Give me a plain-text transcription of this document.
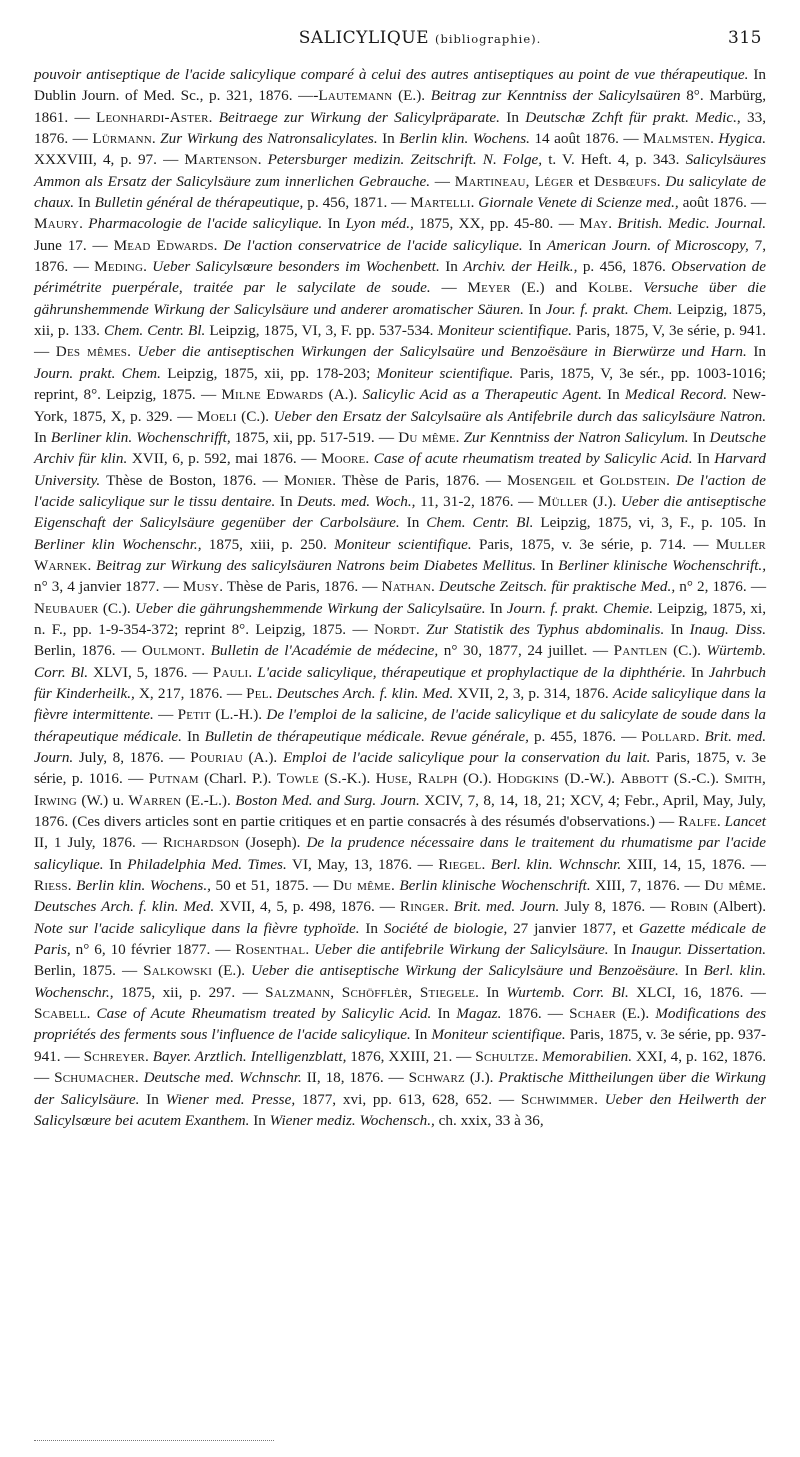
SALICYLIQUE (bibliographie).	315
pouvoir antiseptique de l'acide salicylique comparé à celui des autres antiseptiques au point de vue thérapeutique. In Dublin Journ. of Med. Sc., p. 321, 1876. —-Lautemann (E.). Beitrag zur Kenntniss der Salicylsaüren 8°. Marbürg, 1861. — Leonhardi-Aster. Beitraege zur Wirkung der Salicylpräparate. In Deutschæ Zchft für prakt. Medic., 33, 1876. — Lürmann. Zur Wirkung des Natronsalicylates. In Berlin klin. Wochens. 14 août 1876. — Malmsten. Hygica. XXXVIII, 4, p. 97. — Martenson. Petersburger medizin. Zeitschrift. N. Folge, t. V. Heft. 4, p. 343. Salicylsäures Ammon als Ersatz der Salicylsäure zum innerlichen Gebrauche. — Martineau, Léger et Desbœufs. Du salicylate de chaux. In Bulletin général de thérapeutique, p. 456, 1871. — Martelli. Giornale Venete di Scienze med., août 1876. — Maury. Pharmacologie de l'acide salicylique. In Lyon méd., 1875, XX, pp. 45-80. — May. British. Medic. Journal. June 17. — Mead Edwards. De l'action conservatrice de l'acide salicylique. In American Journ. of Microscopy, 7, 1876. — Meding. Ueber Salicylsœure besonders im Wochenbett. In Archiv. der Heilk., p. 456, 1876. Observation de périmétrite puerpérale, traitée par le salycilate de soude. — Meyer (E.) and Kolbe. Versuche über die gährunshemmende Wirkung der Salicylsäure und anderer aromatischer Säuren. In Jour. f. prakt. Chem. Leipzig, 1875, xii, p. 133. Chem. Centr. Bl. Leipzig, 1875, VI, 3, F. pp. 537-534. Moniteur scientifique. Paris, 1875, V, 3e série, p. 941. — Des mêmes. Ueber die antiseptischen Wirkungen der Salicylsaüre und Benzoësäure in Bierwürze und Harn. In Journ. prakt. Chem. Leipzig, 1875, xii, pp. 178-203; Moniteur scientifique. Paris, 1875, V, 3e sér., pp. 1003-1016; reprint, 8°. Leipzig, 1875. — Milne Edwards (A.). Salicylic Acid as a Therapeutic Agent. In Medical Record. New-York, 1875, X, p. 329. — Moeli (C.). Ueber den Ersatz der Salcylsaüre als Antifebrile durch das salicylsäure Natron. In Berliner klin. Wochenschrifft, 1875, xii, pp. 517-519. — Du même. Zur Kenntniss der Natron Salicylum. In Deutsche Archiv für klin. XVII, 6, p. 592, mai 1876. — Moore. Case of acute rheumatism treated by Salicylic Acid. In Harvard University. Thèse de Boston, 1876. — Monier. Thèse de Paris, 1876. — Mosengeil et Goldstein. De l'action de l'acide salicylique sur le tissu dentaire. In Deuts. med. Woch., 11, 31-2, 1876. — Müller (J.). Ueber die antiseptische Eigenschaft der Salicylsäure gegenüber der Carbolsäure. In Chem. Centr. Bl. Leipzig, 1875, vi, 3, F., p. 105. In Berliner klin Wochenschr., 1875, xiii, p. 250. Moniteur scientifique. Paris, 1875, v. 3e série, p. 714. — Muller Warnek. Beitrag zur Wirkung des salicylsäuren Natrons beim Diabetes Mellitus. In Berliner klinische Wochenschrift., n° 3, 4 janvier 1877. — Musy. Thèse de Paris, 1876. — Nathan. Deutsche Zeitsch. für praktische Med., n° 2, 1876. — Neubauer (C.). Ueber die gährungshemmende Wirkung der Salicylsaüre. In Journ. f. prakt. Chemie. Leipzig, 1875, xi, n. F., pp. 1-9-354-372; reprint 8°. Leipzig, 1875. — Nordt. Zur Statistik des Typhus abdominalis. In Inaug. Diss. Berlin, 1876. — Oulmont. Bulletin de l'Académie de médecine, n° 30, 1877, 24 juillet. — Pantlen (C.). Würtemb. Corr. Bl. XLVI, 5, 1876. — Pauli. L'acide salicylique, thérapeutique et prophylactique de la diphthérie. In Jahrbuch für Kinderheilk., X, 217, 1876. — Pel. Deutsches Arch. f. klin. Med. XVII, 2, 3, p. 314, 1876. Acide salicylique dans la fièvre intermittente. — Petit (L.-H.). De l'emploi de la salicine, de l'acide salicylique et du salicylate de soude dans la thérapeutique médicale. In Bulletin de thérapeutique médicale. Revue générale, p. 455, 1876. — Pollard. Brit. med. Journ. July, 8, 1876. — Pouriau (A.). Emploi de l'acide salicylique pour la conservation du lait. Paris, 1875, v. 3e série, p. 1016. — Putnam (Charl. P.). Towle (S.-K.). Huse, Ralph (O.). Hodgkins (D.-W.). Abbott (S.-C.). Smith, Irwing (W.) u. Warren (E.-L.). Boston Med. and Surg. Journ. XCIV, 7, 8, 14, 18, 21; XCV, 4; Febr., April, May, July, 1876. (Ces divers articles sont en partie critiques et en partie consacrés à des résumés d'observations.) — Ralfe. Lancet II, 1 July, 1876. — Richardson (Joseph). De la prudence nécessaire dans le traitement du rhumatisme par l'acide salicylique. In Philadelphia Med. Times. VI, May, 13, 1876. — Riegel. Berl. klin. Wchnschr. XIII, 14, 15, 1876. — Riess. Berlin klin. Wochens., 50 et 51, 1875. — Du même. Berlin klinische Wochenschrift. XIII, 7, 1876. — Du même. Deutsches Arch. f. klin. Med. XVII, 4, 5, p. 498, 1876. — Ringer. Brit. med. Journ. July 8, 1876. — Robin (Albert). Note sur l'acide salicylique dans la fièvre typhoïde. In Société de biologie, 27 janvier 1877, et Gazette médicale de Paris, n° 6, 10 février 1877. — Rosenthal. Ueber die antifebrile Wirkung der Salicylsäure. In Inaugur. Dissertation. Berlin, 1875. — Salkowski (E.). Ueber die antiseptische Wirkung der Salicylsäure und Benzoësäure. In Berl. klin. Wochenschr., 1875, xii, p. 297. — Salzmann, Schöfflèr, Stiegele. In Wurtemb. Corr. Bl. XLCI, 16, 1876. — Scabell. Case of Acute Rheumatism treated by Salicylic Acid. In Magaz. 1876. — Schaer (E.). Modifications des propriétés des ferments sous l'influence de l'acide salicylique. In Moniteur scientifique. Paris, 1875, v. 3e série, pp. 937-941. — Schreyer. Bayer. Arztlich. Intelligenzblatt, 1876, XXIII, 21. — Schultze. Memorabilien. XXI, 4, p. 162, 1876. — Schumacher. Deutsche med. Wchnschr. II, 18, 1876. — Schwarz (J.). Praktische Mittheilungen über die Wirkung der Salicylsäure. In Wiener med. Presse, 1877, xvi, pp. 613, 628, 652. — Schwimmer. Ueber den Heilwerth der Salicylsœure bei acutem Exanthem. In Wiener mediz. Wochensch., ch. xxix, 33 à 36,
